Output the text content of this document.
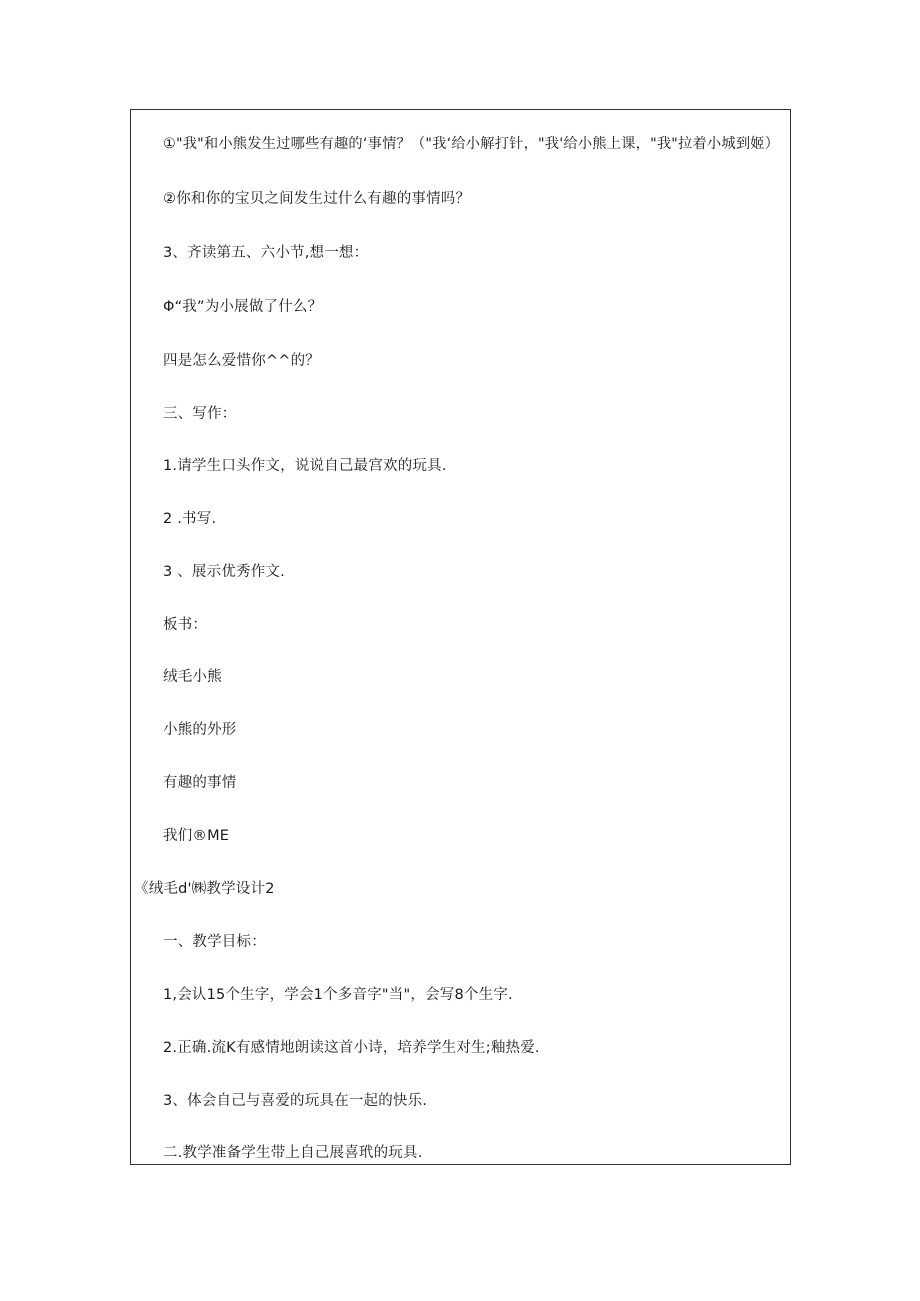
①"我"和小熊发生过哪些有趣的‘事情？（"我‘给小解打针，"我'给小熊上课，"我"拉着小城到姬）
②你和你的宝贝之间发生过什么有趣的事情吗？
3、齐读第五、六小节,想一想：
Φ“我”为小展做了什么？
四是怎么爱惜你^^的？
三、写作：
1.请学生口头作文，说说自己最宫欢的玩具.
2 .书写.
3 、展示优秀作文.
板书：
绒毛小熊
小熊的外形
有趣的事情
我们®ME
《绒毛d'㈱教学设计2
一、教学目标：
1,会认15个生字，学会1个多音字"当"，会写8个生字.
2.正确.流K有感情地朗读这首小诗，培养学生对生;釉热爱.
3、体会自己与喜爱的玩具在一起的快乐.
二.教学准备学生带上自己展喜玳的玩具.
